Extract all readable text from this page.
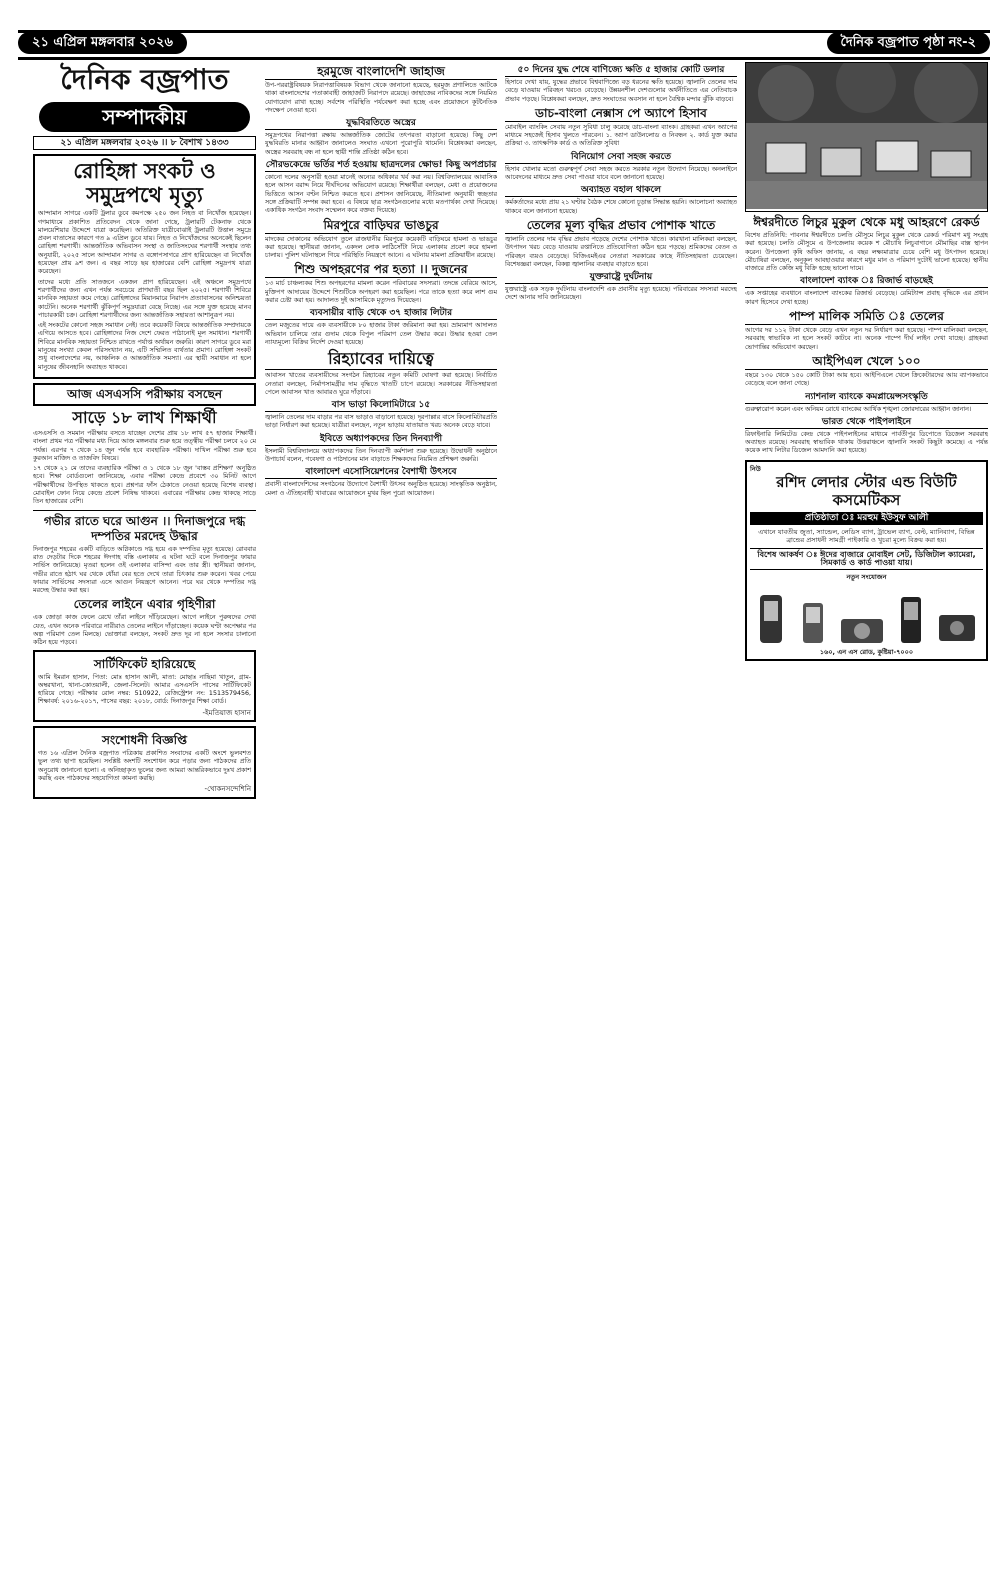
২১ এপ্রিল মঙ্গলবার ২০২৬	দৈনিক বজ্রপাত পৃষ্ঠা নং-২
দৈনিক বজ্রপাত
সম্পাদকীয়
২১ এপ্রিল মঙ্গলবার ২০২৬ ।। ৮ বৈশাখ ১৪৩৩
রোহিঙ্গা সংকট ও সমুদ্রপথে মৃত্যু

আন্দামান সাগরে একটি ট্রলার ডুবে কমপক্ষে ২৫০ জন নিহত বা নিখোঁজ হয়েছেন। গণমাধ্যমে প্রকাশিত প্রতিবেদন থেকে জানা গেছে, ট্রলারটি টেকনাফ থেকে মালয়েশিয়ার উদ্দেশে যাত্রা করেছিল। অতিরিক্ত যাত্রীবোঝাই ট্রলারটি উত্তাল সমুদ্রে প্রবল বাতাসের কারণে গত ৯ এপ্রিল ডুবে যায়। নিহত ও নিখোঁজদের অনেকেই ছিলেন রোহিঙ্গা শরণার্থী। আন্তর্জাতিক অভিবাসন সংস্থা ও জাতিসংঘের শরণার্থী সংস্থার তথ্য অনুযায়ী, ২০২৫ সালে আন্দামান সাগর ও বঙ্গোপসাগরে প্রাণ হারিয়েছেন বা নিখোঁজ হয়েছেন প্রায় ৯শ জন। এ বছর সাড়ে ছয় হাজারের বেশি রোহিঙ্গা সমুদ্রপথ যাত্রা করেছেন।

তাদের মধ্যে প্রতি সাতজনে একজন প্রাণ হারিয়েছেন। এই অঞ্চলে সমুদ্রপথে শরণার্থীদের জন্য এখন পর্যন্ত সবচেয়ে প্রাণঘাতী বছর ছিল ২০২৫। শরণার্থী শিবিরে মানবিক সহায়তা কমে গেছে। রোহিঙ্গাদের মিয়ানমারে নিরাপদ প্রত্যাবাসনের অনিশ্চয়তা কাটেনি। অনেক শরণার্থী ঝুঁকিপূর্ণ সমুদ্রযাত্রা বেছে নিচ্ছে। এর সঙ্গে যুক্ত হয়েছে মানব পাচারকারী চক্র। রোহিঙ্গা শরণার্থীদের জন্য আন্তর্জাতিক সহায়তা আশানুরূপ নয়।

এই সংকটের কোনো সহজ সমাধান নেই। তবে কয়েকটি বিষয়ে আন্তর্জাতিক সম্প্রদায়কে এগিয়ে আসতে হবে। রোহিঙ্গাদের নিজ দেশে ফেরত পাঠানোই মূল সমাধান। শরণার্থী শিবিরে মানবিক সহায়তা নিশ্চিত রাখতে পর্যাপ্ত অর্থায়ন জরুরি। কারণ সাগরে ডুবে মরা মানুষের সংখ্যা কেবল পরিসংখ্যান নয়, এটি সম্মিলিত ব্যর্থতার প্রমাণ। রোহিঙ্গা সংকট শুধু বাংলাদেশের নয়, আঞ্চলিক ও আন্তর্জাতিক সমস্যা। এর স্থায়ী সমাধান না হলে মানুষের জীবনহানি অব্যাহত থাকবে।

আজ এসএসসি পরীক্ষায় বসছেন
সাড়ে ১৮ লাখ শিক্ষার্থী

এসএসসি ও সমমান পরীক্ষায় বসতে যাচ্ছেন দেশের প্রায় ১৮ লাখ ৫৭ হাজার শিক্ষার্থী। বাংলা প্রথম পত্র পরীক্ষার মধ্য দিয়ে আজ মঙ্গলবার শুরু হয়ে তত্ত্বীয় পরীক্ষা চলবে ২০ মে পর্যন্ত। এরপর ৭ থেকে ১৪ জুন পর্যন্ত হবে ব্যবহারিক পরীক্ষা। দাখিল পরীক্ষা শুরু হবে কুরআন মাজিদ ও তাজবিদ বিষয়ে।

১৭ থেকে ২১ মে তাদের ব্যবহারিক পরীক্ষা ও ১ থেকে ১৮ জুন 'বাস্তব প্রশিক্ষণ' অনুষ্ঠিত হবে। শিক্ষা বোর্ডগুলো জানিয়েছে, এবার পরীক্ষা কেন্দ্রে প্রবেশে ৩০ মিনিট আগে পরীক্ষার্থীদের উপস্থিত থাকতে হবে। প্রশ্নপত্র ফাঁস ঠেকাতে নেওয়া হয়েছে বিশেষ ব্যবস্থা। মোবাইল ফোন নিয়ে কেন্দ্রে প্রবেশ নিষিদ্ধ থাকবে। এবারের পরীক্ষায় কেন্দ্র থাকছে সাড়ে তিন হাজারের বেশি।

গভীর রাতে ঘরে আগুন ।। দিনাজপুরে দগ্ধ দম্পতির মরদেহ উদ্ধার

দিনাজপুর শহরের একটি বাড়িতে অগ্নিকাণ্ডে দগ্ধ হয়ে এক দম্পতির মৃত্যু হয়েছে। রোববার রাত দেড়টার দিকে শহরের ঈদগাহ বস্তি এলাকায় এ ঘটনা ঘটে বলে দিনাজপুর ফায়ার সার্ভিস জানিয়েছে। মৃতরা হলেন ওই এলাকার বাসিন্দা এবং তার স্ত্রী। স্থানীয়রা জানান, গভীর রাতে হঠাৎ ঘর থেকে ধোঁয়া বের হতে দেখে তারা চিৎকার শুরু করেন। খবর পেয়ে ফায়ার সার্ভিসের সদস্যরা এসে আগুন নিয়ন্ত্রণে আনেন। পরে ঘর থেকে দম্পতির দগ্ধ মরদেহ উদ্ধার করা হয়।

তেলের লাইনে এবার গৃহিণীরা

এক জোড়া কাজ ফেলে রেখে তাঁরা লাইনে দাঁড়িয়েছেন। আগে লাইনে পুরুষদের দেখা যেত, এখন অনেক পরিবারে নারীরাও তেলের লাইনে দাঁড়াচ্ছেন। কয়েক ঘণ্টা অপেক্ষার পর অল্প পরিমাণ তেল মিলছে। ভোক্তারা বলছেন, সংকট দ্রুত দূর না হলে সংসার চালানো কঠিন হয়ে পড়বে।

সার্টিফিকেট হারিয়েছে

আমি ইমরান হাসান, পিতা: মোঃ হাসান আলী, মাতা: মোছাঃ নাছিমা খাতুন, গ্রাম-অম্বরখানা, থানা-কোতয়ালী, জেলা-সিলেট। আমার এসএসসি পাসের সার্টিফিকেট হারিয়ে গেছে। পরীক্ষার রোল নম্বর: 510922, রেজিস্ট্রেশন নং: 1513579456, শিক্ষাবর্ষ: ২০১৬-২০১৭, পাসের বছর: ২০১৮, বোর্ড: দিনাজপুর শিক্ষা বোর্ড।

-ইমতিয়াজ হাসান
সংশোধনী বিজ্ঞপ্তি

গত ১৬ এপ্রিল দৈনিক বজ্রপাত পত্রিকায় প্রকাশিত সংবাদের একটি অংশে ভুলবশত ভুল তথ্য ছাপা হয়েছিল। সংশ্লিষ্ট অংশটি সংশোধন করে পড়ার জন্য পাঠকদের প্রতি অনুরোধ জানানো হলো। এ অনিচ্ছাকৃত ভুলের জন্য আমরা আন্তরিকভাবে দুঃখ প্রকাশ করছি এবং পাঠকদের সহযোগিতা কামনা করছি।

-খোকনসন্দেশিনি
হরমুজে বাংলাদেশি জাহাজ

উপ-পররাষ্ট্রবিষয়ক নিরাপত্তাবিষয়ক বিভাগ থেকে জানানো হয়েছে, হরমুজ প্রণালিতে আটকে থাকা বাংলাদেশের পতাকাবাহী জাহাজটি নিরাপদে রয়েছে। জাহাজের নাবিকদের সঙ্গে নিয়মিত যোগাযোগ রাখা হচ্ছে। সর্বশেষ পরিস্থিতি পর্যবেক্ষণ করা হচ্ছে এবং প্রয়োজনে কূটনৈতিক পদক্ষেপ নেওয়া হবে।

যুদ্ধবিরতিতে অস্ত্রের

সমুদ্রপথের নিরাপত্তা রক্ষায় আন্তর্জাতিক জোটের তৎপরতা বাড়ানো হয়েছে। কিছু দেশ যুদ্ধবিরতি মানার আহ্বান জানালেও সংঘাত এখনো পুরোপুরি থামেনি। বিশ্লেষকরা বলছেন, অস্ত্রের সরবরাহ বন্ধ না হলে স্থায়ী শান্তি প্রতিষ্ঠা কঠিন হবে।

সৌরভকেন্দ্রে ভর্তির শর্ত হওয়ায় ছাত্রদলের ক্ষোভ! কিছু অপপ্রচার

কোনো দলের অনুসারী হওয়া মানেই অন্যের অধিকার খর্ব করা নয়। বিশ্ববিদ্যালয়ের আবাসিক হলে আসন বরাদ্দ নিয়ে দীর্ঘদিনের অভিযোগ রয়েছে। শিক্ষার্থীরা বলছেন, মেধা ও প্রয়োজনের ভিত্তিতে আসন বণ্টন নিশ্চিত করতে হবে। প্রশাসন জানিয়েছে, নীতিমালা অনুযায়ী স্বচ্ছতার সঙ্গে প্রক্রিয়াটি সম্পন্ন করা হবে। এ বিষয়ে ছাত্র সংগঠনগুলোর মধ্যে মতপার্থক্য দেখা দিয়েছে। একাধিক সংগঠন সংবাদ সম্মেলন করে বক্তব্য দিয়েছে।

মিরপুরে বাড়িঘর ভাঙচুর

মাদকের দোকানের অভিযোগ তুলে রাজধানীর মিরপুরে কয়েকটি বাড়িঘরে হামলা ও ভাঙচুর করা হয়েছে। স্থানীয়রা জানান, একদল লোক লাঠিসোঁটা নিয়ে এলাকায় প্রবেশ করে হামলা চালায়। পুলিশ ঘটনাস্থলে গিয়ে পরিস্থিতি নিয়ন্ত্রণে আনে। এ ঘটনায় মামলা প্রক্রিয়াধীন রয়েছে।

শিশু অপহরণের পর হত্যা ।। দুজনের

১৩ মার্চ চাঞ্চল্যকর শিশু অপহরণের মামলা করেন পরিবারের সদস্যরা। তদন্তে বেরিয়ে আসে, মুক্তিপণ আদায়ের উদ্দেশে শিশুটিকে অপহরণ করা হয়েছিল। পরে তাকে হত্যা করে লাশ গুম করার চেষ্টা করা হয়। আদালত দুই আসামিকে মৃত্যুদণ্ড দিয়েছেন।

ব্যবসায়ীর বাড়ি থেকে ৩৭ হাজার লিটার

তেল মজুতের দায়ে এক ব্যবসায়ীকে ৮০ হাজার টাকা জরিমানা করা হয়। ভ্রাম্যমাণ আদালত অভিযান চালিয়ে তার গুদাম থেকে বিপুল পরিমাণ তেল উদ্ধার করে। উদ্ধার হওয়া তেল ন্যায্যমূল্যে বিক্রির নির্দেশ দেওয়া হয়েছে।

রিহ্যাবের দায়িত্বে

আবাসন খাতের ব্যবসায়ীদের সংগঠন রিহ্যাবের নতুন কমিটি ঘোষণা করা হয়েছে। নির্বাচিত নেতারা বলছেন, নির্মাণসামগ্রীর দাম বৃদ্ধিতে খাতটি চাপে রয়েছে। সরকারের নীতিসহায়তা পেলে আবাসন খাত আবারও ঘুরে দাঁড়াবে।

বাস ভাড়া কিলোমিটারে ১৫

জ্বালানি তেলের দাম বাড়ার পর বাস ভাড়াও বাড়ানো হয়েছে। দূরপাল্লার বাসে কিলোমিটারপ্রতি ভাড়া নির্ধারণ করা হয়েছে। যাত্রীরা বলছেন, নতুন ভাড়ায় যাতায়াত খরচ অনেক বেড়ে যাবে।

ইবিতে অধ্যাপকদের তিন দিনব্যাপী

ইসলামী বিশ্ববিদ্যালয়ে অধ্যাপকদের তিন দিনব্যাপী কর্মশালা শুরু হয়েছে। উদ্বোধনী অনুষ্ঠানে উপাচার্য বলেন, গবেষণা ও পাঠদানের মান বাড়াতে শিক্ষকদের নিয়মিত প্রশিক্ষণ জরুরি।

বাংলাদেশ এসোসিয়েশনের বৈশাখী উৎসবে

প্রবাসী বাংলাদেশিদের সংগঠনের উদ্যোগে বৈশাখী উৎসব অনুষ্ঠিত হয়েছে। সাংস্কৃতিক অনুষ্ঠান, মেলা ও ঐতিহ্যবাহী খাবারের আয়োজনে মুখর ছিল পুরো আয়োজন।

৫০ দিনের যুদ্ধ শেষে বাণিজ্যে ক্ষতি ৫ হাজার কোটি ডলার

হিসাবে দেখা যায়, যুদ্ধের প্রভাবে বিশ্ববাণিজ্যে বড় ধরনের ক্ষতি হয়েছে। জ্বালানি তেলের দাম বেড়ে যাওয়ায় পরিবহন খরচও বেড়েছে। উন্নয়নশীল দেশগুলোর অর্থনীতিতে এর নেতিবাচক প্রভাব পড়ছে। বিশ্লেষকরা বলছেন, দ্রুত সংঘাতের অবসান না হলে বৈশ্বিক মন্দার ঝুঁকি বাড়বে।

ডাচ-বাংলা নেক্সাস পে অ্যাপে হিসাব

মোবাইল ব্যাংকিং সেবায় নতুন সুবিধা চালু করেছে ডাচ-বাংলা ব্যাংক। গ্রাহকরা এখন অ্যাপের মাধ্যমে সহজেই হিসাব খুলতে পারবেন। ১. অ্যাপ ডাউনলোড ও নিবন্ধন ২. কার্ড যুক্ত করার প্রক্রিয়া ৩. তাৎক্ষণিক কার্ড ও অতিরিক্ত সুবিধা

বিনিয়োগ সেবা সহজ করতে

হিসাব খোলার মতো গুরুত্বপূর্ণ সেবা সহজ করতে সরকার নতুন উদ্যোগ নিয়েছে। অনলাইনে আবেদনের মাধ্যমে দ্রুত সেবা পাওয়া যাবে বলে জানানো হয়েছে।

অব্যাহত বহাল থাকলে

কর্মকর্তাদের মধ্যে প্রায় ২১ ঘণ্টার বৈঠক শেষে কোনো চূড়ান্ত সিদ্ধান্ত হয়নি। আলোচনা অব্যাহত থাকবে বলে জানানো হয়েছে।

তেলের মূল্য বৃদ্ধির প্রভাব পোশাক খাতে

জ্বালানি তেলের দাম বৃদ্ধির প্রভাব পড়েছে দেশের পোশাক খাতে। কারখানা মালিকরা বলছেন, উৎপাদন খরচ বেড়ে যাওয়ায় রপ্তানিতে প্রতিযোগিতা কঠিন হয়ে পড়ছে। শ্রমিকদের বেতন ও পরিবহন ব্যয়ও বেড়েছে। বিজিএমইএর নেতারা সরকারের কাছে নীতিসহায়তা চেয়েছেন। বিশেষজ্ঞরা বলছেন, বিকল্প জ্বালানির ব্যবহার বাড়াতে হবে।

যুক্তরাষ্ট্রে দুর্ঘটনায়

যুক্তরাষ্ট্রে এক সড়ক দুর্ঘটনায় বাংলাদেশি এক প্রবাসীর মৃত্যু হয়েছে। পরিবারের সদস্যরা মরদেহ দেশে আনার দাবি জানিয়েছেন।

ঈশ্বরদীতে লিচুর মুকুল থেকে মধু আহরণে রেকর্ড

বিশেষ প্রতিনিধি: পাবনার ঈশ্বরদীতে চলতি মৌসুমে লিচুর মুকুল থেকে রেকর্ড পরিমাণ মধু সংগ্রহ করা হয়েছে। চলতি মৌসুমে এ উপজেলায় কয়েক শ মৌচাষি লিচুবাগানে মৌমাছির বাক্স স্থাপন করেন। উপজেলা কৃষি অফিস জানায়, এ বছর লক্ষ্যমাত্রার চেয়ে বেশি মধু উৎপাদন হয়েছে। মৌচাষিরা বলছেন, অনুকূল আবহাওয়ার কারণে মধুর মান ও পরিমাণ দুটোই ভালো হয়েছে। স্থানীয় বাজারে প্রতি কেজি মধু বিক্রি হচ্ছে ভালো দামে।

বাংলাদেশ ব্যাংক ঃ রিজার্ভ বাড়ছেই

এক সপ্তাহের ব্যবধানে বাংলাদেশ ব্যাংকের রিজার্ভ বেড়েছে। রেমিট্যান্স প্রবাহ বৃদ্ধিকে এর প্রধান কারণ হিসেবে দেখা হচ্ছে।

পাম্প মালিক সমিতি ঃ তেলের

আগের দর ১১২ টাকা থেকে বেড়ে এখন নতুন দর নির্ধারণ করা হয়েছে। পাম্প মালিকরা বলছেন, সরবরাহ স্বাভাবিক না হলে সংকট কাটবে না। অনেক পাম্পে দীর্ঘ লাইন দেখা যাচ্ছে। গ্রাহকরা ভোগান্তির অভিযোগ করছেন।

আইপিএল খেলে ১০০

বছরে ১৩০ থেকে ১৫০ কোটি টাকা আয় হবে। আইপিএলে খেলে ক্রিকেটারদের আয় ব্যাপকভাবে বেড়েছে বলে জানা গেছে।

ন্যাশনাল ব্যাংকে কমপ্লায়েন্সসংস্কৃতি

গুরুত্বারোপ করেন এবং অনিয়ম রোধে ব্যাংকের আর্থিক শৃঙ্খলা জোরদারের আহ্বান জানান।

ভারত থেকে পাইপলাইনে

রিফাইনারি লিমিটেড কেন্দ্র থেকে পাইপলাইনের মাধ্যমে পার্বতীপুর ডিপোতে ডিজেল সরবরাহ অব্যাহত রয়েছে। সরবরাহ স্বাভাবিক থাকায় উত্তরাঞ্চলে জ্বালানি সংকট কিছুটা কমেছে। এ পর্যন্ত কয়েক লাখ লিটার ডিজেল আমদানি করা হয়েছে।

নিউ
রশিদ লেদার স্টোর এন্ড বিউটি কসমেটিকস
প্রতিষ্ঠাতা ঃ মরহুম ইউসুফ আলী
এখানে যাবতীয় জুতা, স্যান্ডেল, লেডিস ব্যাগ, ট্রাভেল ব্যাগ, বেল্ট, ম্যানিব্যাগ, বিভিন্ন ব্রান্ডের প্রসাধনী সামগ্রী পাইকারি ও খুচরা মূল্যে বিক্রয় করা হয়।
বিশেষ আকর্ষণ ঃ ঈদের বাজারে মোবাইল সেট, ডিজিটাল ক্যামেরা, সিমকার্ড ও কার্ড পাওয়া যায়।
নতুন সংযোজন
১৬০, এন এস রোড, কুষ্টিয়া-৭০০০
